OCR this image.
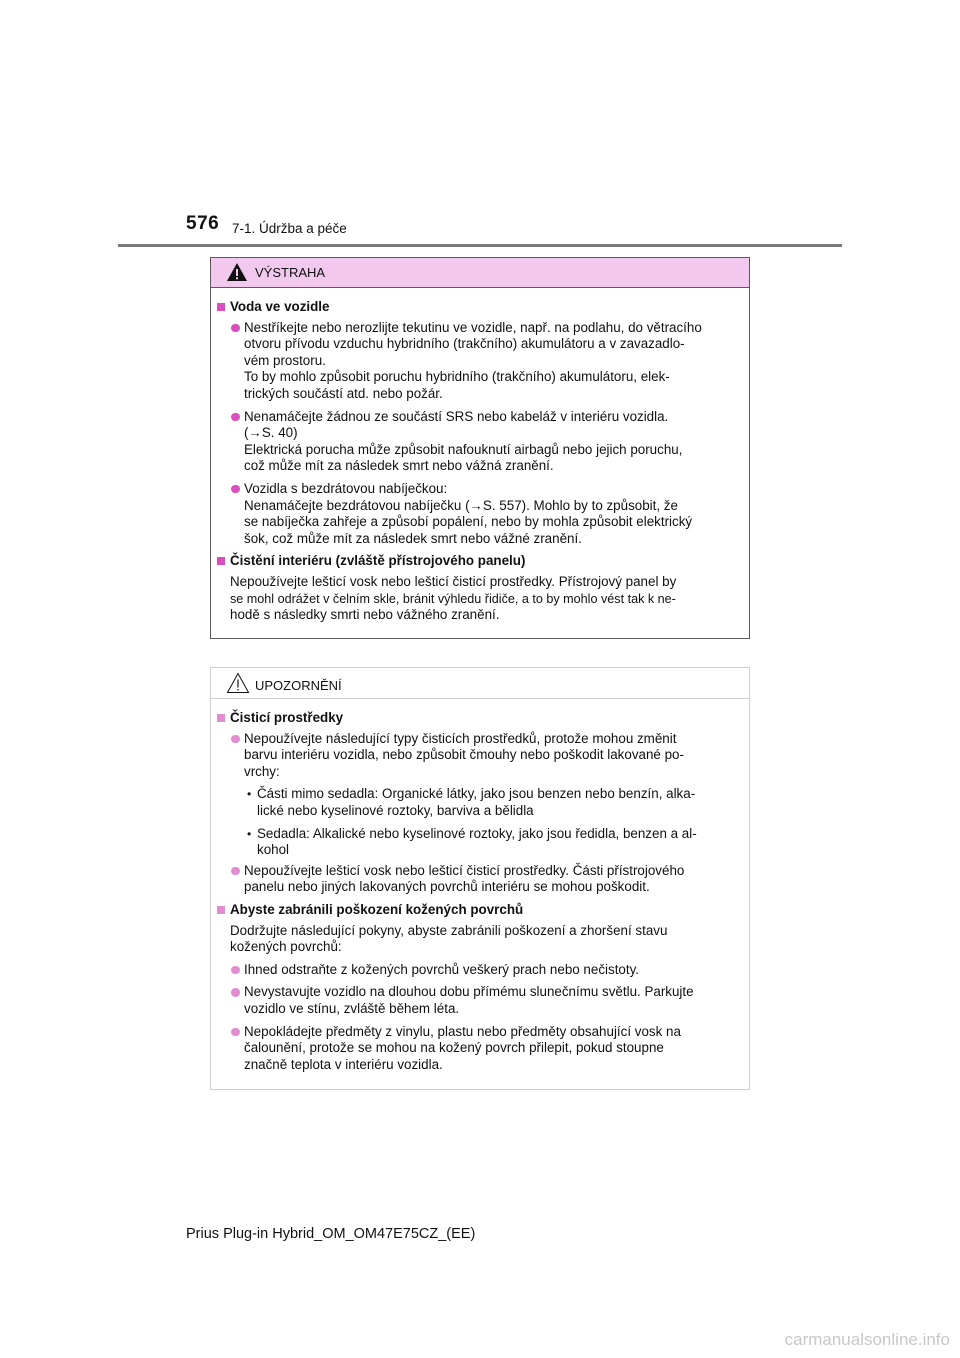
576 7-1. Údržba a péče
VÝSTRAHA
Voda ve vozidle
Nestříkejte nebo nerozlijte tekutinu ve vozidle, např. na podlahu, do větracího
otvoru přívodu vzduchu hybridního (trakčního) akumulátoru a v zavazadlo-
vém prostoru.
To by mohlo způsobit poruchu hybridního (trakčního) akumulátoru, elek-
trických součástí atd. nebo požár.
Nenamáčejte žádnou ze součástí SRS nebo kabeláž v interiéru vozidla.
(→S. 40)
Elektrická porucha může způsobit nafouknutí airbagů nebo jejich poruchu,
což může mít za následek smrt nebo vážná zranění.
Vozidla s bezdrátovou nabíječkou:
Nenamáčejte bezdrátovou nabíječku (→S. 557). Mohlo by to způsobit, že
se nabíječka zahřeje a způsobí popálení, nebo by mohla způsobit elektrický
šok, což může mít za následek smrt nebo vážné zranění.
Čistění interiéru (zvláště přístrojového panelu)
Nepoužívejte lešticí vosk nebo lešticí čisticí prostředky. Přístrojový panel by
se mohl odrážet v čelním skle, bránit výhledu řidiče, a to by mohlo vést tak k ne-
hodě s následky smrti nebo vážného zranění.
UPOZORNĚNÍ
Čisticí prostředky
Nepoužívejte následující typy čisticích prostředků, protože mohou změnit
barvu interiéru vozidla, nebo způsobit čmouhy nebo poškodit lakované po-
vrchy:
• Části mimo sedadla: Organické látky, jako jsou benzen nebo benzín, alka-
lické nebo kyselinové roztoky, barviva a bělidla
• Sedadla: Alkalické nebo kyselinové roztoky, jako jsou ředidla, benzen a al-
kohol
Nepoužívejte lešticí vosk nebo lešticí čisticí prostředky. Části přístrojového
panelu nebo jiných lakovaných povrchů interiéru se mohou poškodit.
Abyste zabránili poškození kožených povrchů
Dodržujte následující pokyny, abyste zabránili poškození a zhoršení stavu
kožených povrchů:
Ihned odstraňte z kožených povrchů veškerý prach nebo nečistoty.
Nevystavujte vozidlo na dlouhou dobu přímému slunečnímu světlu. Parkujte
vozidlo ve stínu, zvláště během léta.
Nepokládejte předměty z vinylu, plastu nebo předměty obsahující vosk na
čalounění, protože se mohou na kožený povrch přilepit, pokud stoupne
značně teplota v interiéru vozidla.
Prius Plug-in Hybrid_OM_OM47E75CZ_(EE)
carmanualsonline.info
